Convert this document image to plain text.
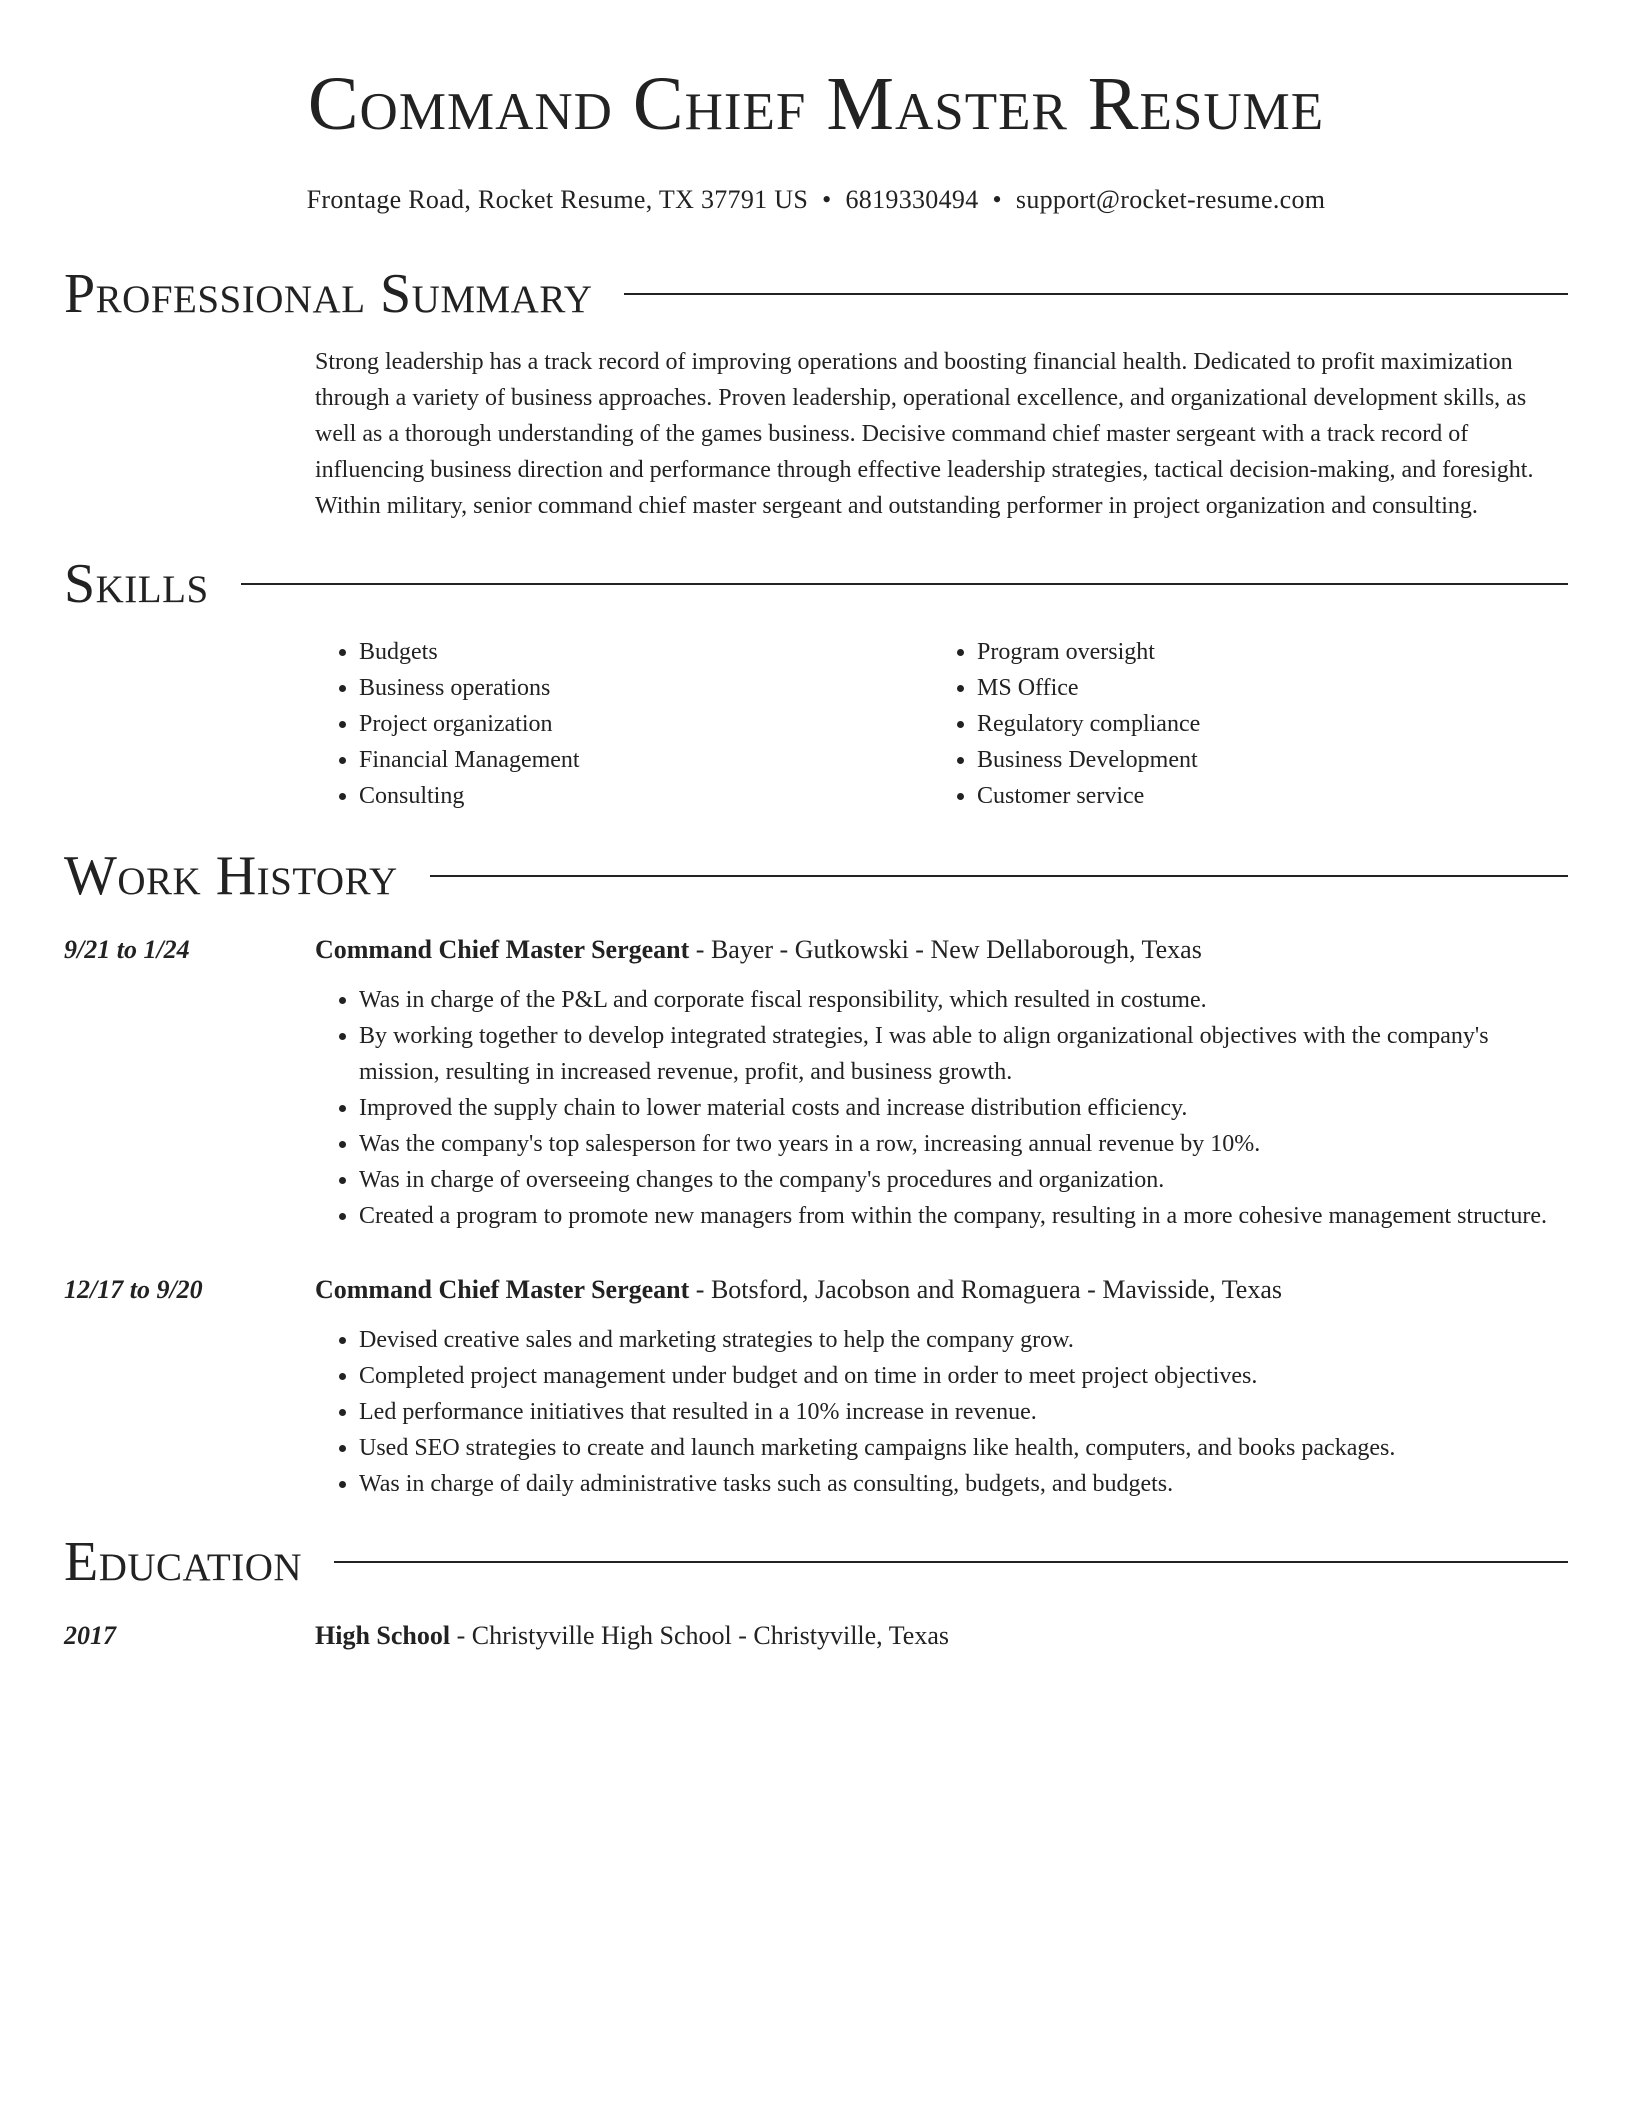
Command Chief Master Resume
Frontage Road, Rocket Resume, TX 37791 US • 6819330494 • support@rocket-resume.com
Professional Summary
Strong leadership has a track record of improving operations and boosting financial health. Dedicated to profit maximization through a variety of business approaches. Proven leadership, operational excellence, and organizational development skills, as well as a thorough understanding of the games business. Decisive command chief master sergeant with a track record of influencing business direction and performance through effective leadership strategies, tactical decision-making, and foresight. Within military, senior command chief master sergeant and outstanding performer in project organization and consulting.
Skills
• Budgets
• Business operations
• Project organization
• Financial Management
• Consulting
• Program oversight
• MS Office
• Regulatory compliance
• Business Development
• Customer service
Work History
9/21 to 1/24	Command Chief Master Sergeant - Bayer - Gutkowski - New Dellaborough, Texas
• Was in charge of the P&L and corporate fiscal responsibility, which resulted in costume.
• By working together to develop integrated strategies, I was able to align organizational objectives with the company's mission, resulting in increased revenue, profit, and business growth.
• Improved the supply chain to lower material costs and increase distribution efficiency.
• Was the company's top salesperson for two years in a row, increasing annual revenue by 10%.
• Was in charge of overseeing changes to the company's procedures and organization.
• Created a program to promote new managers from within the company, resulting in a more cohesive management structure.
12/17 to 9/20	Command Chief Master Sergeant - Botsford, Jacobson and Romaguera - Mavisside, Texas
• Devised creative sales and marketing strategies to help the company grow.
• Completed project management under budget and on time in order to meet project objectives.
• Led performance initiatives that resulted in a 10% increase in revenue.
• Used SEO strategies to create and launch marketing campaigns like health, computers, and books packages.
• Was in charge of daily administrative tasks such as consulting, budgets, and budgets.
Education
2017	High School - Christyville High School - Christyville, Texas
